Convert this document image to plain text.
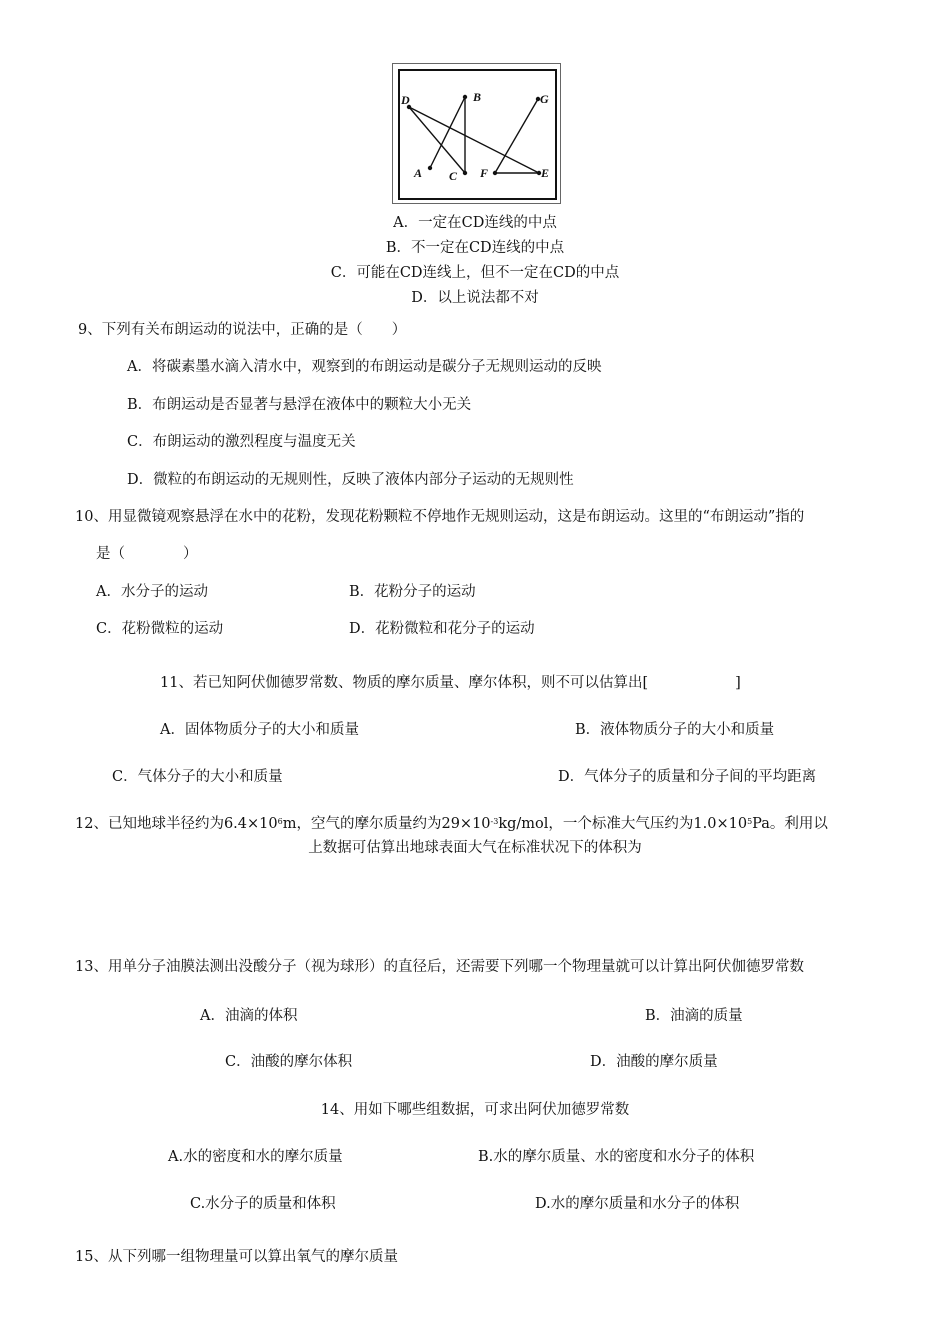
D	B	G
A C F	E
A．一定在CD连线的中点
B．不一定在CD连线的中点
C．可能在CD连线上，但不一定在CD的中点
D．以上说法都不对
9、下列有关布朗运动的说法中，正确的是（　　）
A．将碳素墨水滴入清水中，观察到的布朗运动是碳分子无规则运动的反映
B．布朗运动是否显著与悬浮在液体中的颗粒大小无关
C．布朗运动的激烈程度与温度无关
D．微粒的布朗运动的无规则性，反映了液体内部分子运动的无规则性
10、用显微镜观察悬浮在水中的花粉，发现花粉颗粒不停地作无规则运动，这是布朗运动。这里的“布朗运动”指的
是（　　　　）
A．水分子的运动	B．花粉分子的运动
C．花粉微粒的运动	D．花粉微粒和花分子的运动
11、若已知阿伏伽德罗常数、物质的摩尔质量、摩尔体积，则不可以估算出[　　　　　　]
A．固体物质分子的大小和质量	B．液体物质分子的大小和质量
C．气体分子的大小和质量	D．气体分子的质量和分子间的平均距离
12、已知地球半径约为$6.4\times 10^6m$，空气的摩尔质量约为$29\times 10^{-3}kg$/mol，一个标准大气压约为$1.0\times 10^5Pa$。利用以
上数据可估算出地球表面大气在标准状况下的体积为
13、用单分子油膜法测出没酸分子（视为球形）的直径后，还需要下列哪一个物理量就可以计算出阿伏伽德罗常数
A．油滴的体积	B．油滴的质量
C．油酸的摩尔体积	D．油酸的摩尔质量
14、用如下哪些组数据，可求出阿伏加德罗常数
A.水的密度和水的摩尔质量	B.水的摩尔质量、水的密度和水分子的体积
C.水分子的质量和体积	D.水的摩尔质量和水分子的体积
15、从下列哪一组物理量可以算出氧气的摩尔质量
